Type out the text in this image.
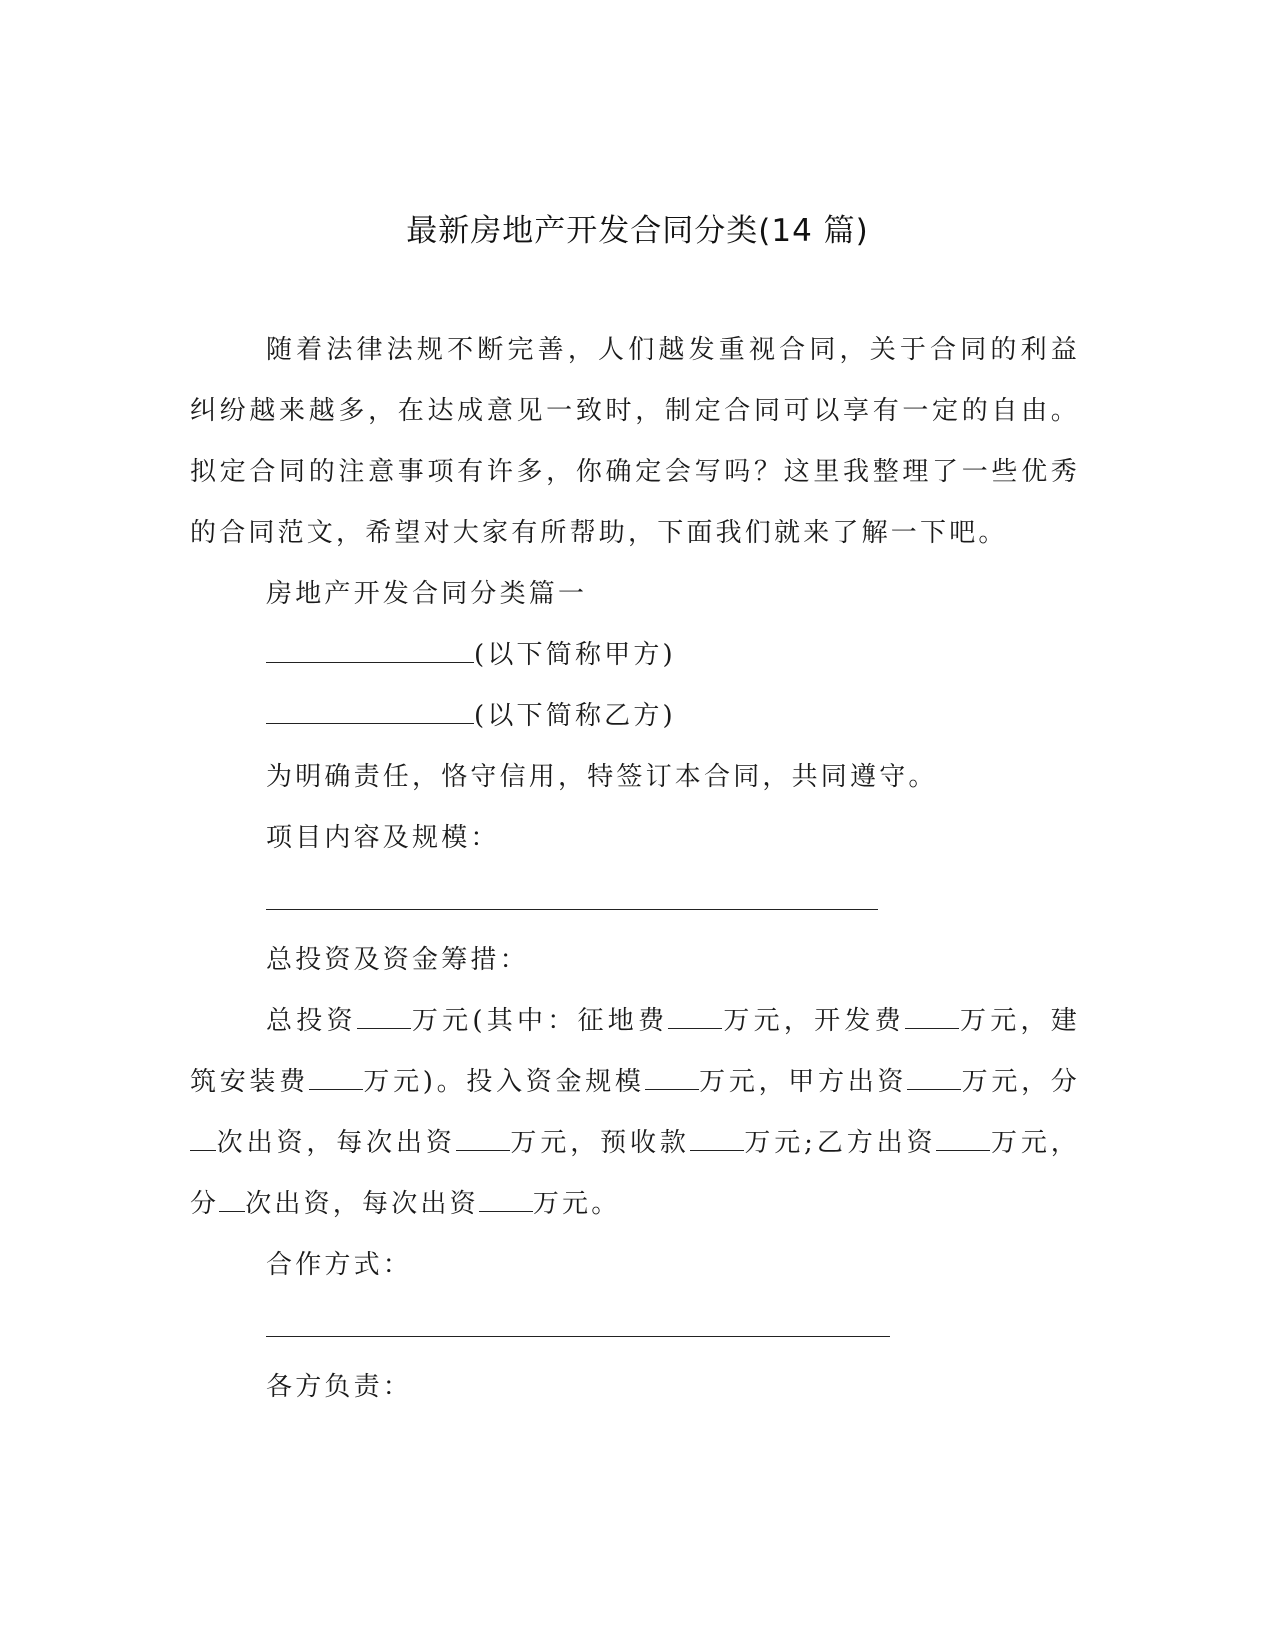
最新房地产开发合同分类(14 篇)

随着法律法规不断完善，人们越发重视合同，关于合同的利益纠纷越来越多，在达成意见一致时，制定合同可以享有一定的自由。拟定合同的注意事项有许多，你确定会写吗？这里我整理了一些优秀的合同范文，希望对大家有所帮助，下面我们就来了解一下吧。

房地产开发合同分类篇一

(以下简称甲方)

(以下简称乙方)

为明确责任，恪守信用，特签订本合同，共同遵守。

项目内容及规模：

总投资及资金筹措：

总投资 万元(其中：征地费 万元，开发费 万元，建筑安装费 万元)。投入资金规模 万元，甲方出资 万元，分次出资，每次出资 万元，预收款 万元;乙方出资 万元，分 次出资，每次出资 万元。

合作方式：

各方负责：
